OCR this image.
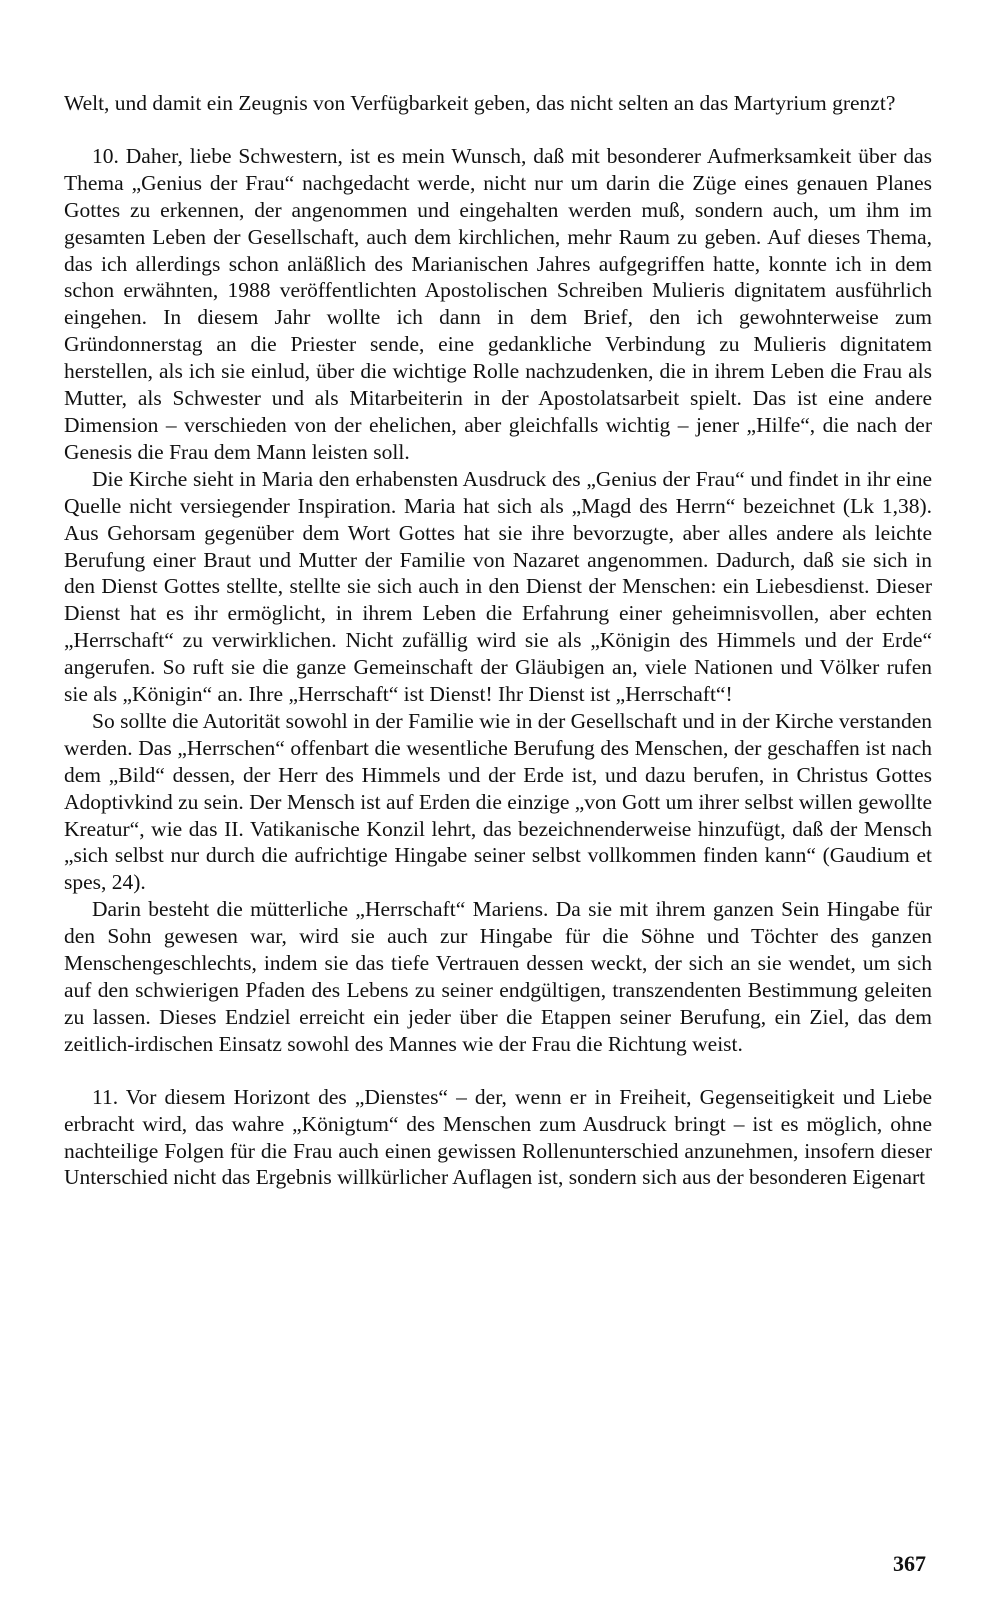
Welt, und damit ein Zeugnis von Verfügbarkeit geben, das nicht selten an das Martyrium grenzt?

10. Daher, liebe Schwestern, ist es mein Wunsch, daß mit besonderer Aufmerksamkeit über das Thema „Genius der Frau“ nachgedacht werde, nicht nur um darin die Züge eines genauen Planes Gottes zu erkennen, der angenommen und eingehalten werden muß, sondern auch, um ihm im gesamten Leben der Gesellschaft, auch dem kirchlichen, mehr Raum zu geben. Auf dieses Thema, das ich allerdings schon anläßlich des Marianischen Jahres aufgegriffen hatte, konnte ich in dem schon erwähnten, 1988 veröffentlichten Apostolischen Schreiben Mulieris dignitatem ausführlich eingehen. In diesem Jahr wollte ich dann in dem Brief, den ich gewohnterweise zum Gründonnerstag an die Priester sende, eine gedankliche Verbindung zu Mulieris dignitatem herstellen, als ich sie einlud, über die wichtige Rolle nachzudenken, die in ihrem Leben die Frau als Mutter, als Schwester und als Mitarbeiterin in der Apostolatsarbeit spielt. Das ist eine andere Dimension – verschieden von der ehelichen, aber gleichfalls wichtig – jener „Hilfe“, die nach der Genesis die Frau dem Mann leisten soll.

Die Kirche sieht in Maria den erhabensten Ausdruck des „Genius der Frau“ und findet in ihr eine Quelle nicht versiegender Inspiration. Maria hat sich als „Magd des Herrn“ bezeichnet (Lk 1,38). Aus Gehorsam gegenüber dem Wort Gottes hat sie ihre bevorzugte, aber alles andere als leichte Berufung einer Braut und Mutter der Familie von Nazaret angenommen. Dadurch, daß sie sich in den Dienst Gottes stellte, stellte sie sich auch in den Dienst der Menschen: ein Liebesdienst. Dieser Dienst hat es ihr ermöglicht, in ihrem Leben die Erfahrung einer geheimnisvollen, aber echten „Herrschaft“ zu verwirklichen. Nicht zufällig wird sie als „Königin des Himmels und der Erde“ angerufen. So ruft sie die ganze Gemeinschaft der Gläubigen an, viele Nationen und Völker rufen sie als „Königin“ an. Ihre „Herrschaft“ ist Dienst! Ihr Dienst ist „Herrschaft“!

So sollte die Autorität sowohl in der Familie wie in der Gesellschaft und in der Kirche verstanden werden. Das „Herrschen“ offenbart die wesentliche Berufung des Menschen, der geschaffen ist nach dem „Bild“ dessen, der Herr des Himmels und der Erde ist, und dazu berufen, in Christus Gottes Adoptivkind zu sein. Der Mensch ist auf Erden die einzige „von Gott um ihrer selbst willen gewollte Kreatur“, wie das II. Vatikanische Konzil lehrt, das bezeichnenderweise hinzufügt, daß der Mensch „sich selbst nur durch die aufrichtige Hingabe seiner selbst vollkommen finden kann“ (Gaudium et spes, 24).

Darin besteht die mütterliche „Herrschaft“ Mariens. Da sie mit ihrem ganzen Sein Hingabe für den Sohn gewesen war, wird sie auch zur Hingabe für die Söhne und Töchter des ganzen Menschengeschlechts, indem sie das tiefe Vertrauen dessen weckt, der sich an sie wendet, um sich auf den schwierigen Pfaden des Lebens zu seiner endgültigen, transzendenten Bestimmung geleiten zu lassen. Dieses Endziel erreicht ein jeder über die Etappen seiner Berufung, ein Ziel, das dem zeitlich-irdischen Einsatz sowohl des Mannes wie der Frau die Richtung weist.

11. Vor diesem Horizont des „Dienstes“ – der, wenn er in Freiheit, Gegenseitigkeit und Liebe erbracht wird, das wahre „Königtum“ des Menschen zum Ausdruck bringt – ist es möglich, ohne nachteilige Folgen für die Frau auch einen gewissen Rollenunterschied anzunehmen, insofern dieser Unterschied nicht das Ergebnis willkürlicher Auflagen ist, sondern sich aus der besonderen Eigenart

367
